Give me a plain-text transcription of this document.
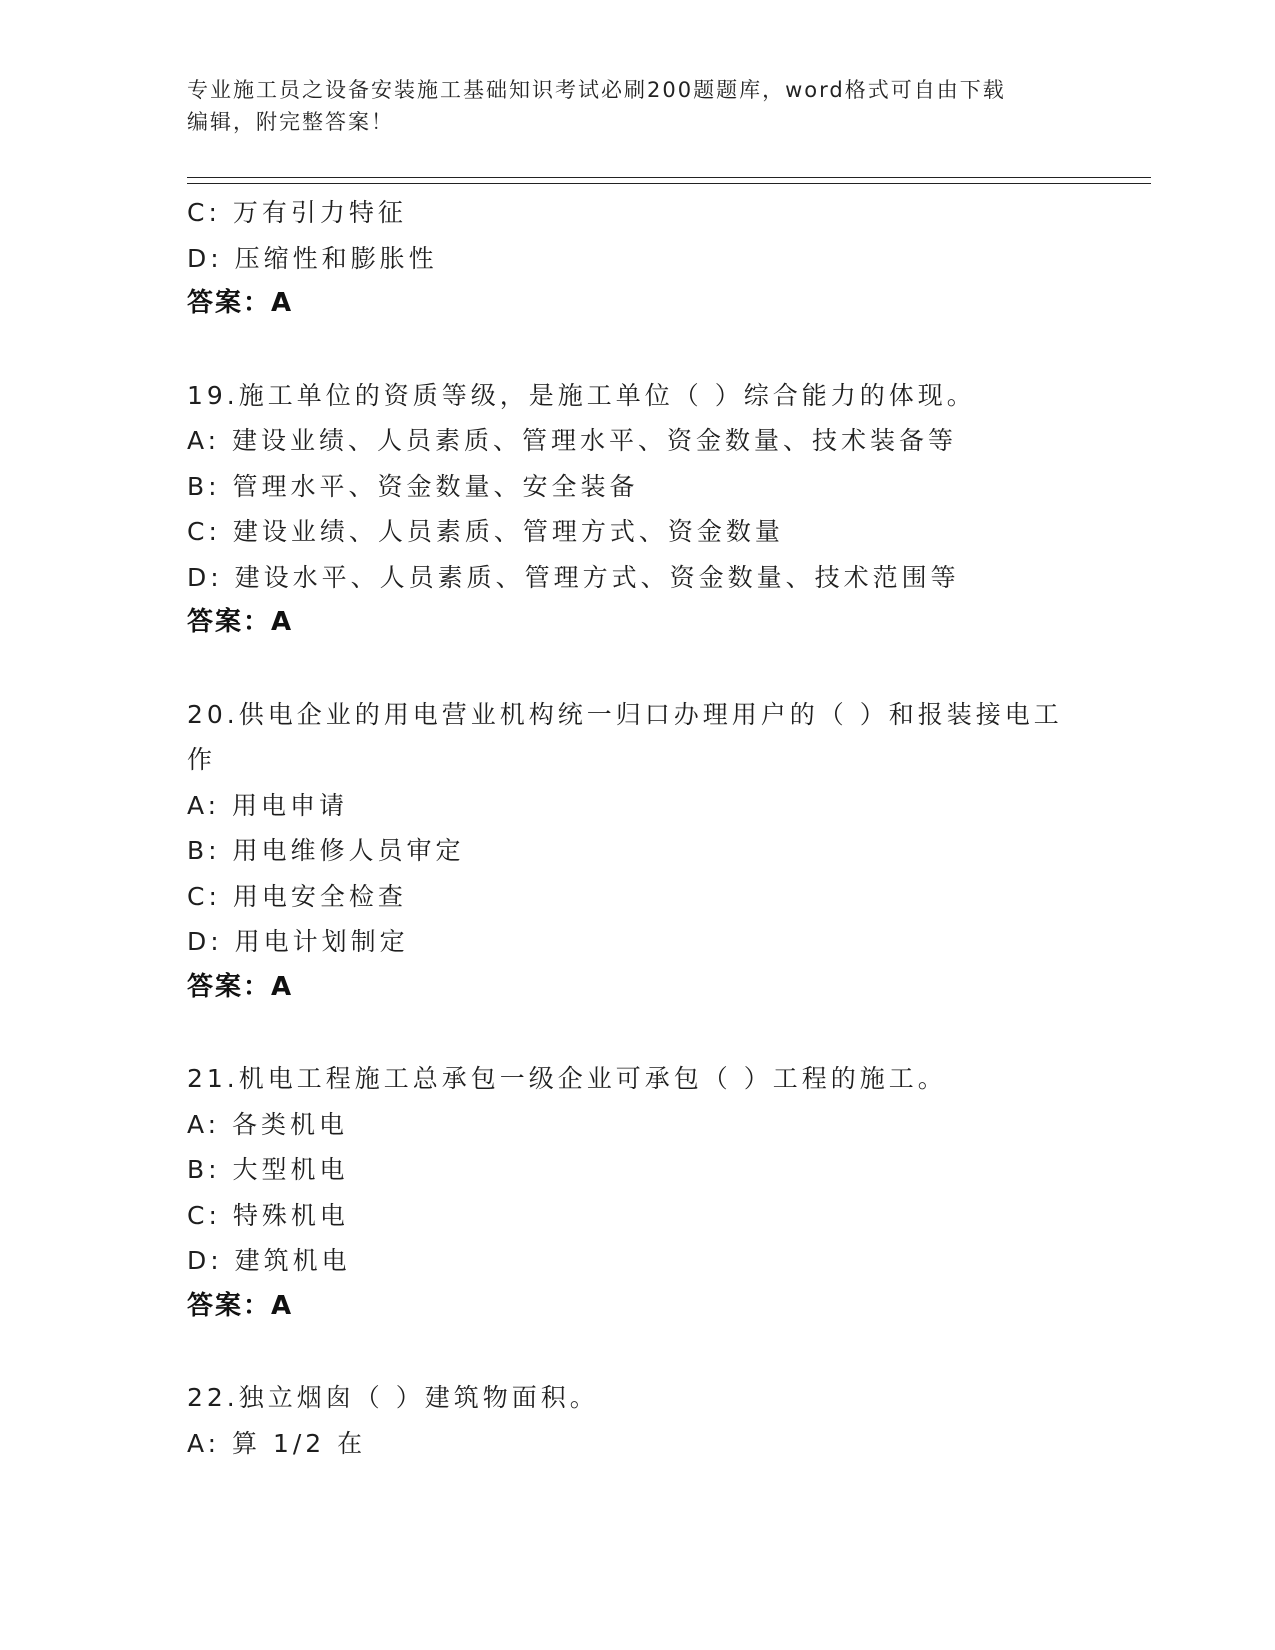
专业施工员之设备安装施工基础知识考试必刷200题题库，word格式可自由下载
编辑，附完整答案！
C: 万有引力特征
D: 压缩性和膨胀性
答案：A
19.施工单位的资质等级，是施工单位（ ）综合能力的体现。
A: 建设业绩、人员素质、管理水平、资金数量、技术装备等
B: 管理水平、资金数量、安全装备
C: 建设业绩、人员素质、管理方式、资金数量
D: 建设水平、人员素质、管理方式、资金数量、技术范围等
答案：A
20.供电企业的用电营业机构统一归口办理用户的（ ）和报装接电工
作
A: 用电申请
B: 用电维修人员审定
C: 用电安全检查
D: 用电计划制定
答案：A
21.机电工程施工总承包一级企业可承包（ ）工程的施工。
A: 各类机电
B: 大型机电
C: 特殊机电
D: 建筑机电
答案：A
22.独立烟囱（ ）建筑物面积。
A: 算 1/2 在
